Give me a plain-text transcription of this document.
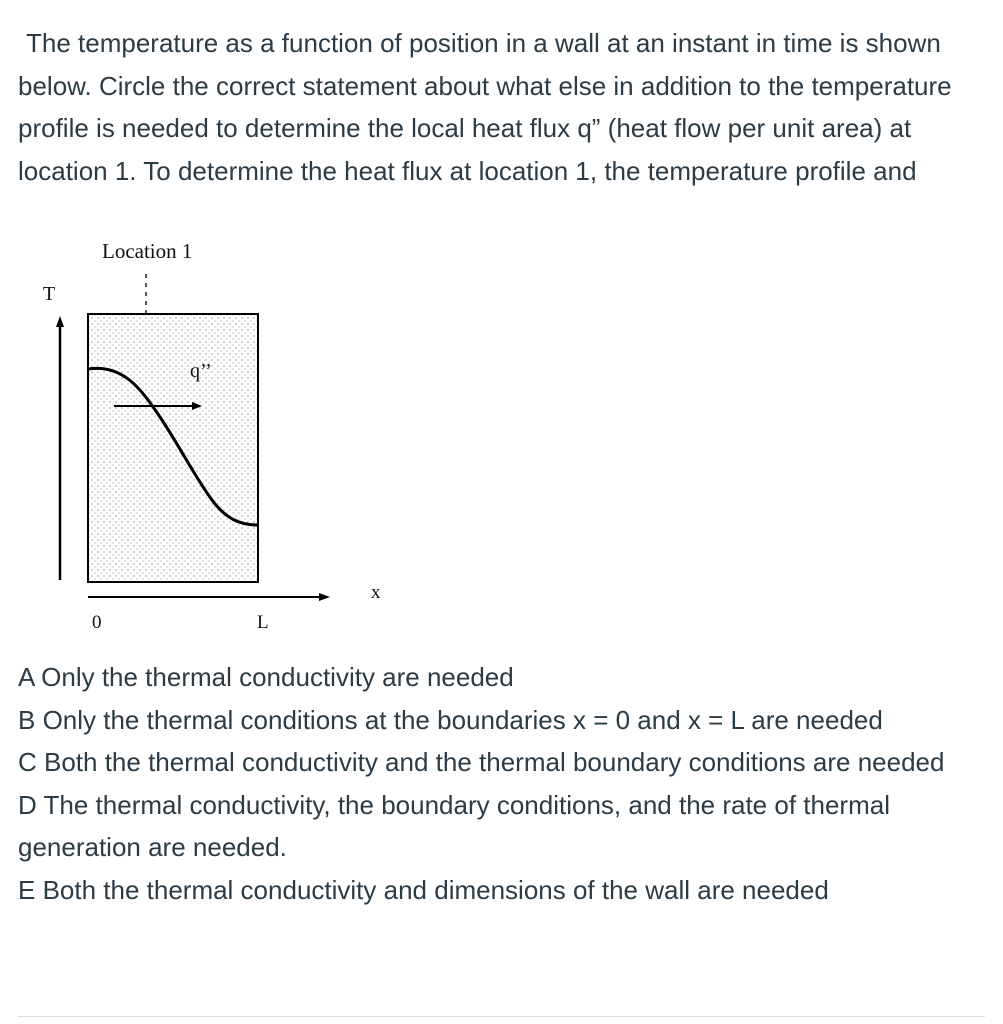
The temperature as a function of position in a wall at an instant in time is shown below. Circle the correct statement about what else in addition to the temperature profile is needed to determine the local heat flux q” (heat flow per unit area) at location 1. To determine the heat flux at location 1, the temperature profile and

Location 1
T
q’’
x
0	L
A Only the thermal conductivity are needed
B Only the thermal conditions at the boundaries x = 0 and x = L are needed
C Both the thermal conductivity and the thermal boundary conditions are needed
D The thermal conductivity, the boundary conditions, and the rate of thermal generation are needed.
E Both the thermal conductivity and dimensions of the wall are needed
